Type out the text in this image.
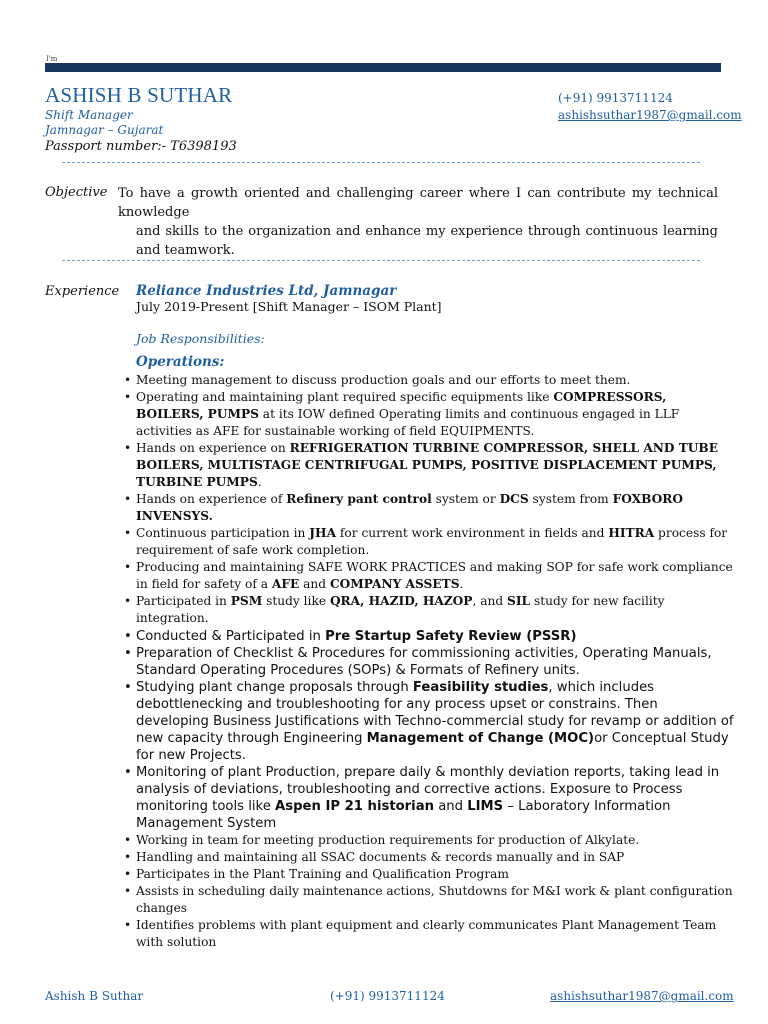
I'm
ASHISH B SUTHAR
Shift Manager
Jamnagar – Gujarat
Passport number:- T6398193
(+91) 9913711124
ashishsuthar1987@gmail.com
Objective To have a growth oriented and challenging career where I can contribute my technical knowledge
and skills to the organization and enhance my experience through continuous learning and teamwork.
Experience Reliance Industries Ltd, Jamnagar
July 2019-Present [Shift Manager – ISOM Plant]
Job Responsibilities:
Operations:
• Meeting management to discuss production goals and our efforts to meet them.
• Operating and maintaining plant required specific equipments like COMPRESSORS, BOILERS, PUMPS at its IOW defined Operating limits and continuous engaged in LLF activities as AFE for sustainable working of field EQUIPMENTS.
• Hands on experience on REFRIGERATION TURBINE COMPRESSOR, SHELL AND TUBE BOILERS, MULTISTAGE CENTRIFUGAL PUMPS, POSITIVE DISPLACEMENT PUMPS, TURBINE PUMPS.
• Hands on experience of Refinery pant control system or DCS system from FOXBORO INVENSYS.
• Continuous participation in JHA for current work environment in fields and HITRA process for requirement of safe work completion.
• Producing and maintaining SAFE WORK PRACTICES and making SOP for safe work compliance in field for safety of a AFE and COMPANY ASSETS.
• Participated in PSM study like QRA, HAZID, HAZOP, and SIL study for new facility integration.
• Conducted & Participated in Pre Startup Safety Review (PSSR)
• Preparation of Checklist & Procedures for commissioning activities, Operating Manuals, Standard Operating Procedures (SOPs) & Formats of Refinery units.
• Studying plant change proposals through Feasibility studies, which includes debottlenecking and troubleshooting for any process upset or constrains. Then developing Business Justifications with Techno-commercial study for revamp or addition of new capacity through Engineering Management of Change (MOC)or Conceptual Study for new Projects.
• Monitoring of plant Production, prepare daily & monthly deviation reports, taking lead in analysis of deviations, troubleshooting and corrective actions. Exposure to Process monitoring tools like Aspen IP 21 historian and LIMS – Laboratory Information Management System
• Working in team for meeting production requirements for production of Alkylate.
• Handling and maintaining all SSAC documents & records manually and in SAP
• Participates in the Plant Training and Qualification Program
• Assists in scheduling daily maintenance actions, Shutdowns for M&I work & plant configuration changes
• Identifies problems with plant equipment and clearly communicates Plant Management Team with solution
Ashish B Suthar	(+91) 9913711124	ashishsuthar1987@gmail.com
